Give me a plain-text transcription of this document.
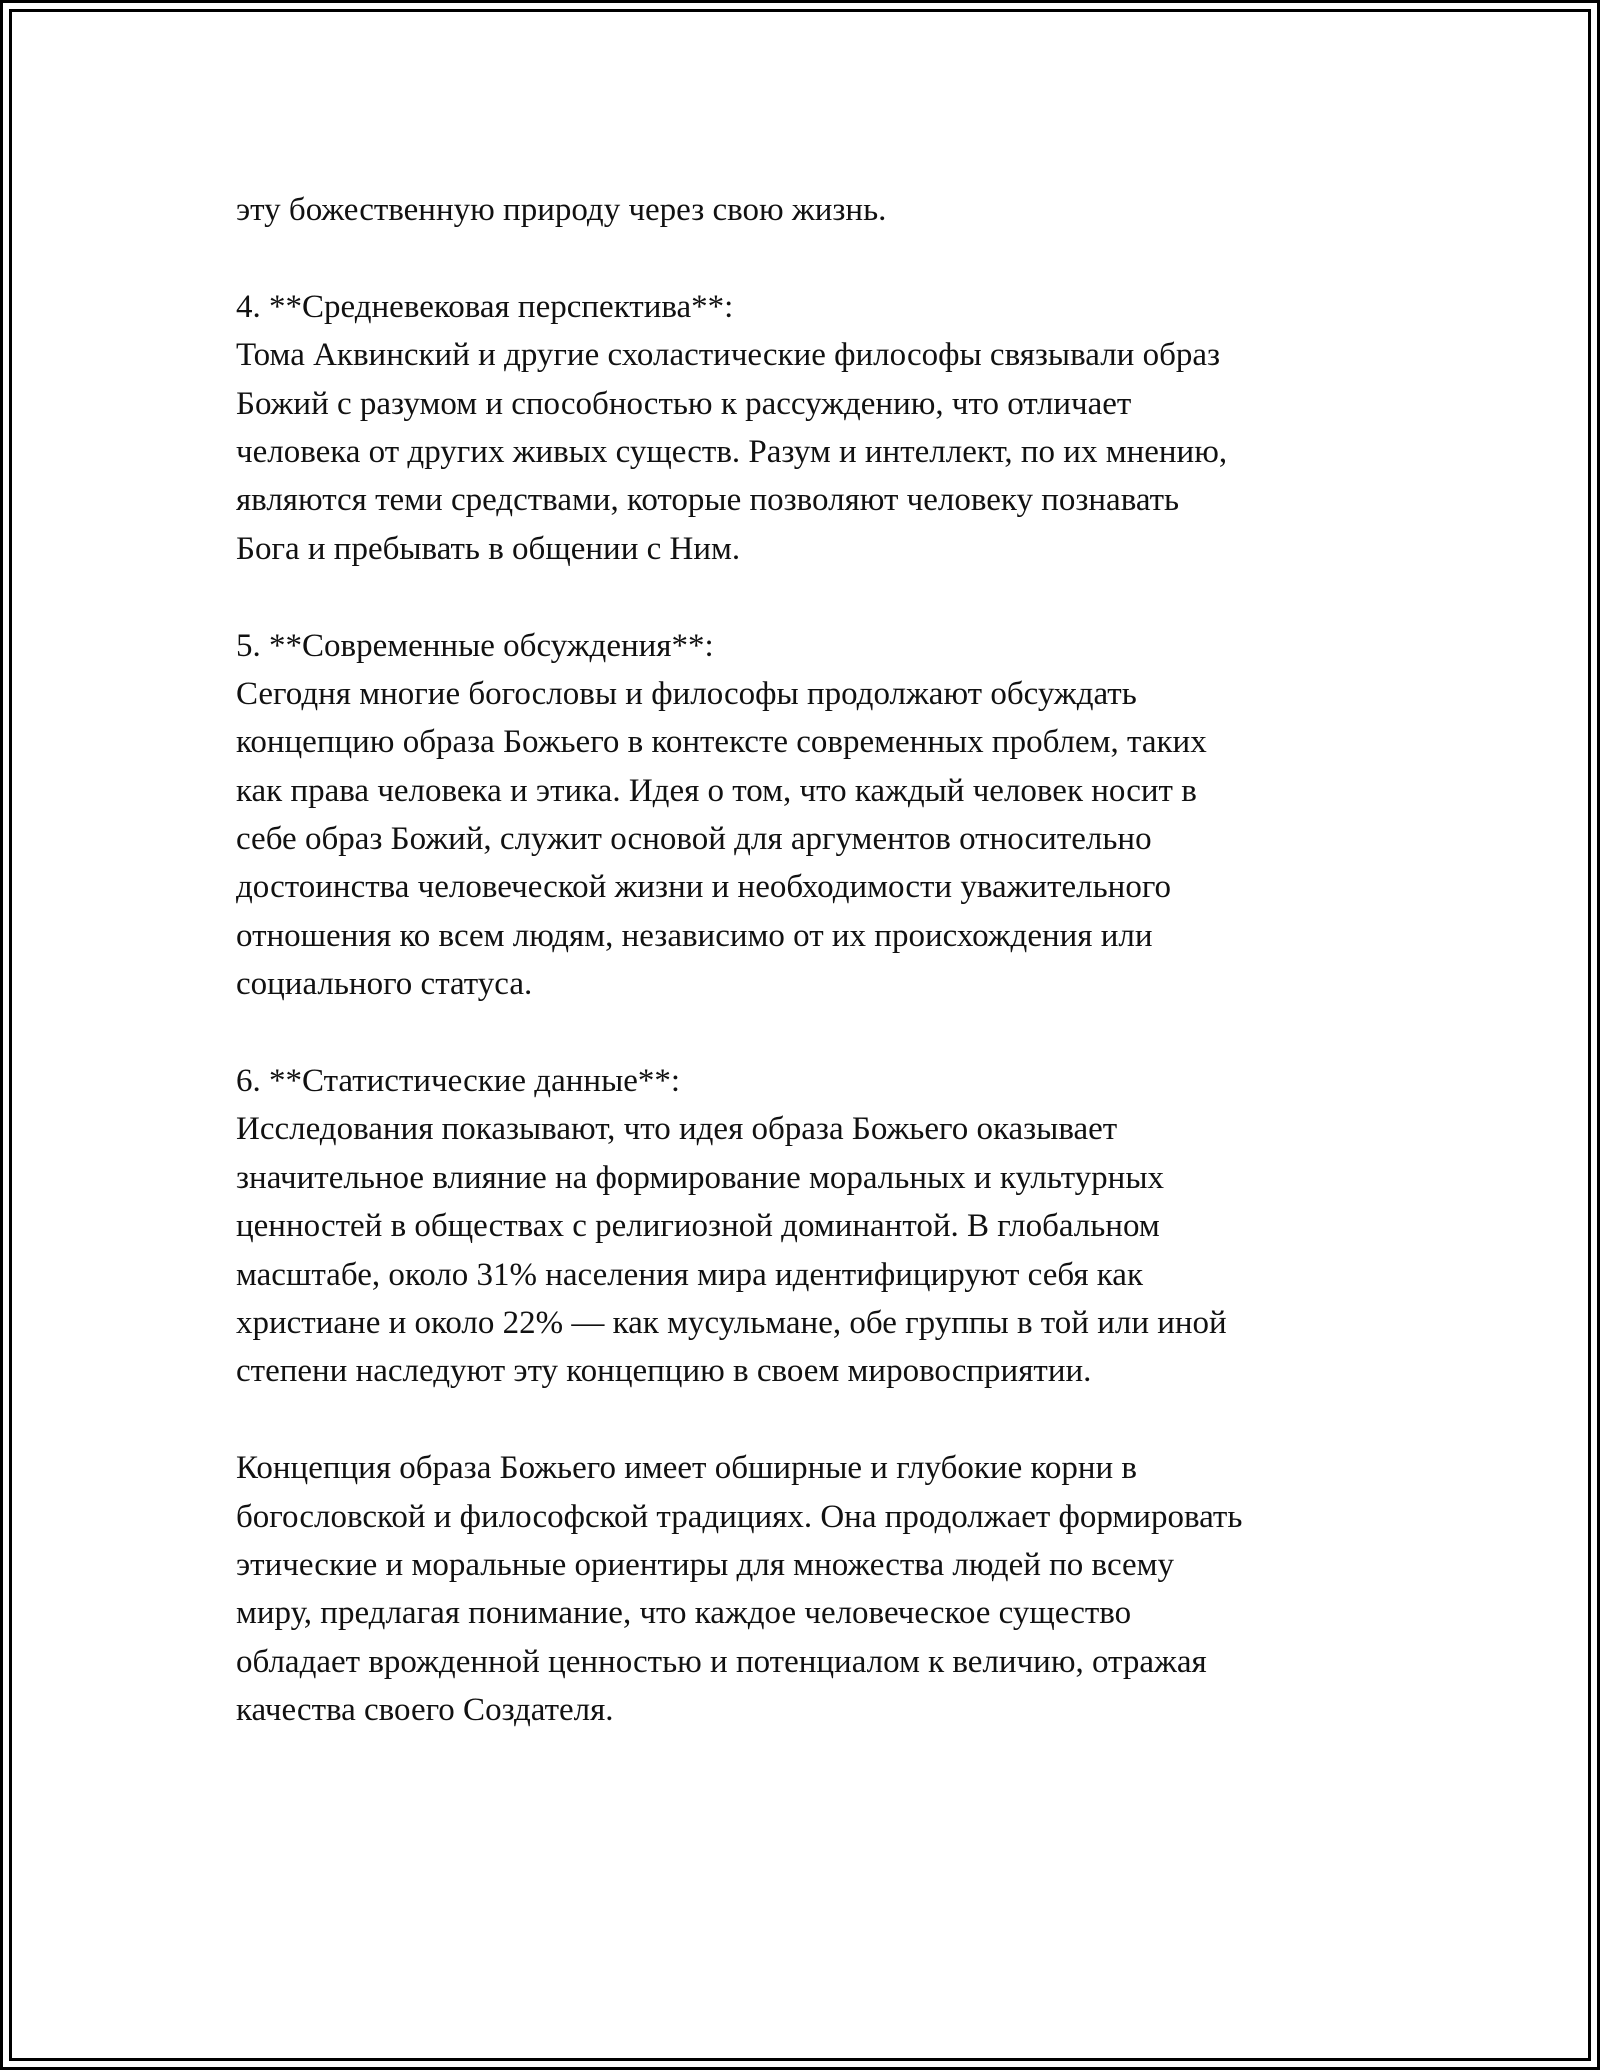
эту божественную природу через свою жизнь.
4. **Средневековая перспектива**:
Тома Аквинский и другие схоластические философы связывали образ
Божий с разумом и способностью к рассуждению, что отличает
человека от других живых существ. Разум и интеллект, по их мнению,
являются теми средствами, которые позволяют человеку познавать
Бога и пребывать в общении с Ним.
5. **Современные обсуждения**:
Сегодня многие богословы и философы продолжают обсуждать
концепцию образа Божьего в контексте современных проблем, таких
как права человека и этика. Идея о том, что каждый человек носит в
себе образ Божий, служит основой для аргументов относительно
достоинства человеческой жизни и необходимости уважительного
отношения ко всем людям, независимо от их происхождения или
социального статуса.
6. **Статистические данные**:
Исследования показывают, что идея образа Божьего оказывает
значительное влияние на формирование моральных и культурных
ценностей в обществах с религиозной доминантой. В глобальном
масштабе, около 31% населения мира идентифицируют себя как
христиане и около 22% — как мусульмане, обе группы в той или иной
степени наследуют эту концепцию в своем мировосприятии.
Концепция образа Божьего имеет обширные и глубокие корни в
богословской и философской традициях. Она продолжает формировать
этические и моральные ориентиры для множества людей по всему
миру, предлагая понимание, что каждое человеческое существо
обладает врожденной ценностью и потенциалом к величию, отражая
качества своего Создателя.
